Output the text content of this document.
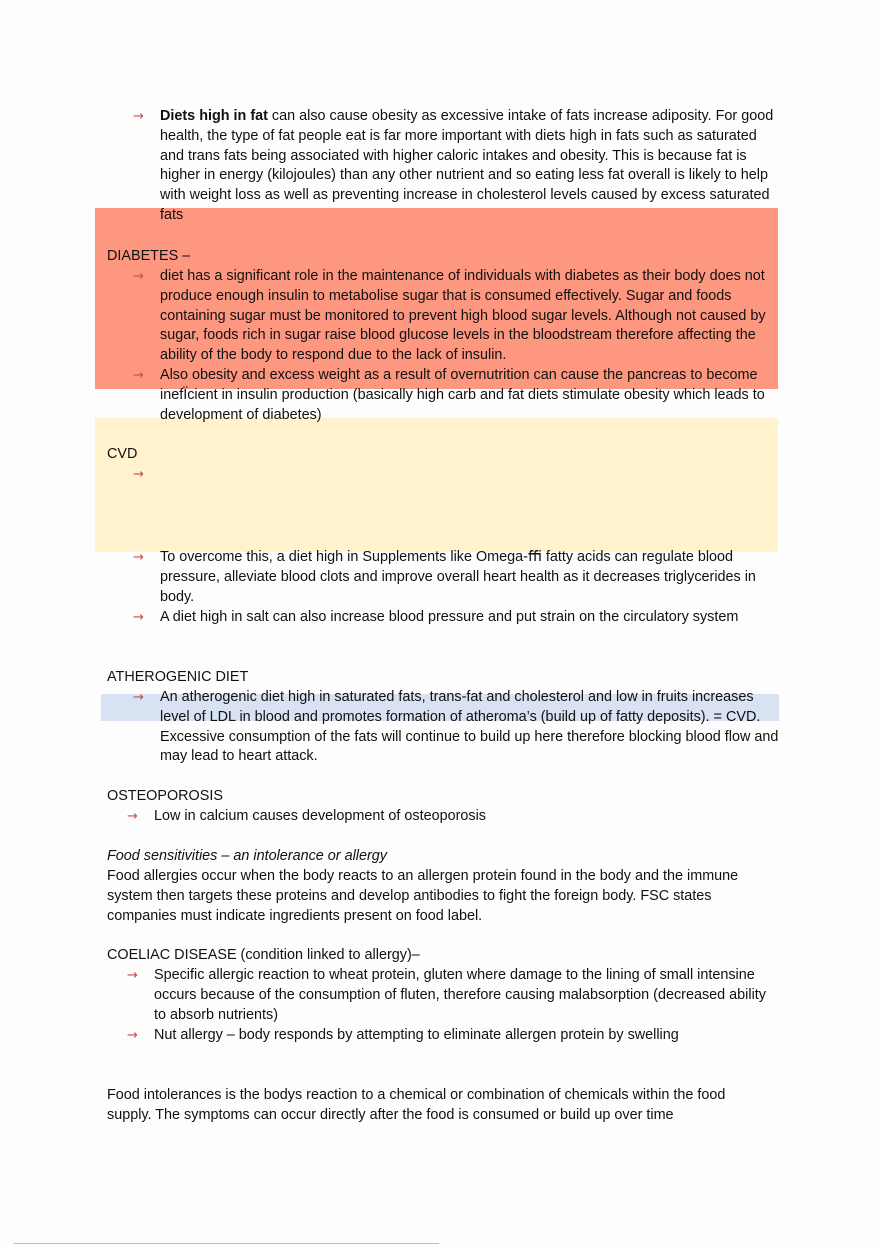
→ Diets high in fat can also cause obesity as excessive intake of fats increase adiposity. For good health, the type of fat people eat is far more important with diets high in fats such as saturated and trans fats being associated with higher caloric intakes and obesity. This is because fat is higher in energy (kilojoules) than any other nutrient and so eating less fat overall is likely to help with weight loss as well as preventing increase in cholesterol levels caused by excess saturated fats
DIABETES –
→ diet has a significant role in the maintenance of individuals with diabetes as their body does not produce enough insulin to metabolise sugar that is consumed effectively. Sugar and foods containing sugar must be monitored to prevent high blood sugar levels. Although not caused by sugar, foods rich in sugar raise blood glucose levels in the bloodstream therefore affecting the ability of the body to respond due to the lack of insulin.
→ Also obesity and excess weight as a result of overnutrition can cause the pancreas to become inefÏcient in insulin production (basically high carb and fat diets stimulate obesity which leads to development of diabetes)
CVD
→
→ To overcome this, a diet high in Supplements like Omega-ﬃ fatty acids can regulate blood pressure, alleviate blood clots and improve overall heart health as it decreases triglycerides in body.
→ A diet high in salt can also increase blood pressure and put strain on the circulatory system
ATHEROGENIC DIET
→ An atherogenic diet high in saturated fats, trans-fat and cholesterol and low in fruits increases level of LDL in blood and promotes formation of atheroma’s (build up of fatty deposits). = CVD. Excessive consumption of the fats will continue to build up here therefore blocking blood flow and may lead to heart attack.
OSTEOPOROSIS
→ Low in calcium causes development of osteoporosis
Food sensitivities – an intolerance or allergy
Food allergies occur when the body reacts to an allergen protein found in the body and the immune system then targets these proteins and develop antibodies to fight the foreign body. FSC states companies must indicate ingredients present on food label.
COELIAC DISEASE (condition linked to allergy)–
→ Specific allergic reaction to wheat protein, gluten where damage to the lining of small intensine occurs because of the consumption of fluten, therefore causing malabsorption (decreased ability to absorb nutrients)
→ Nut allergy – body responds by attempting to eliminate allergen protein by swelling
Food intolerances is the bodys reaction to a chemical or combination of chemicals within the food supply. The symptoms can occur directly after the food is consumed or build up over time
